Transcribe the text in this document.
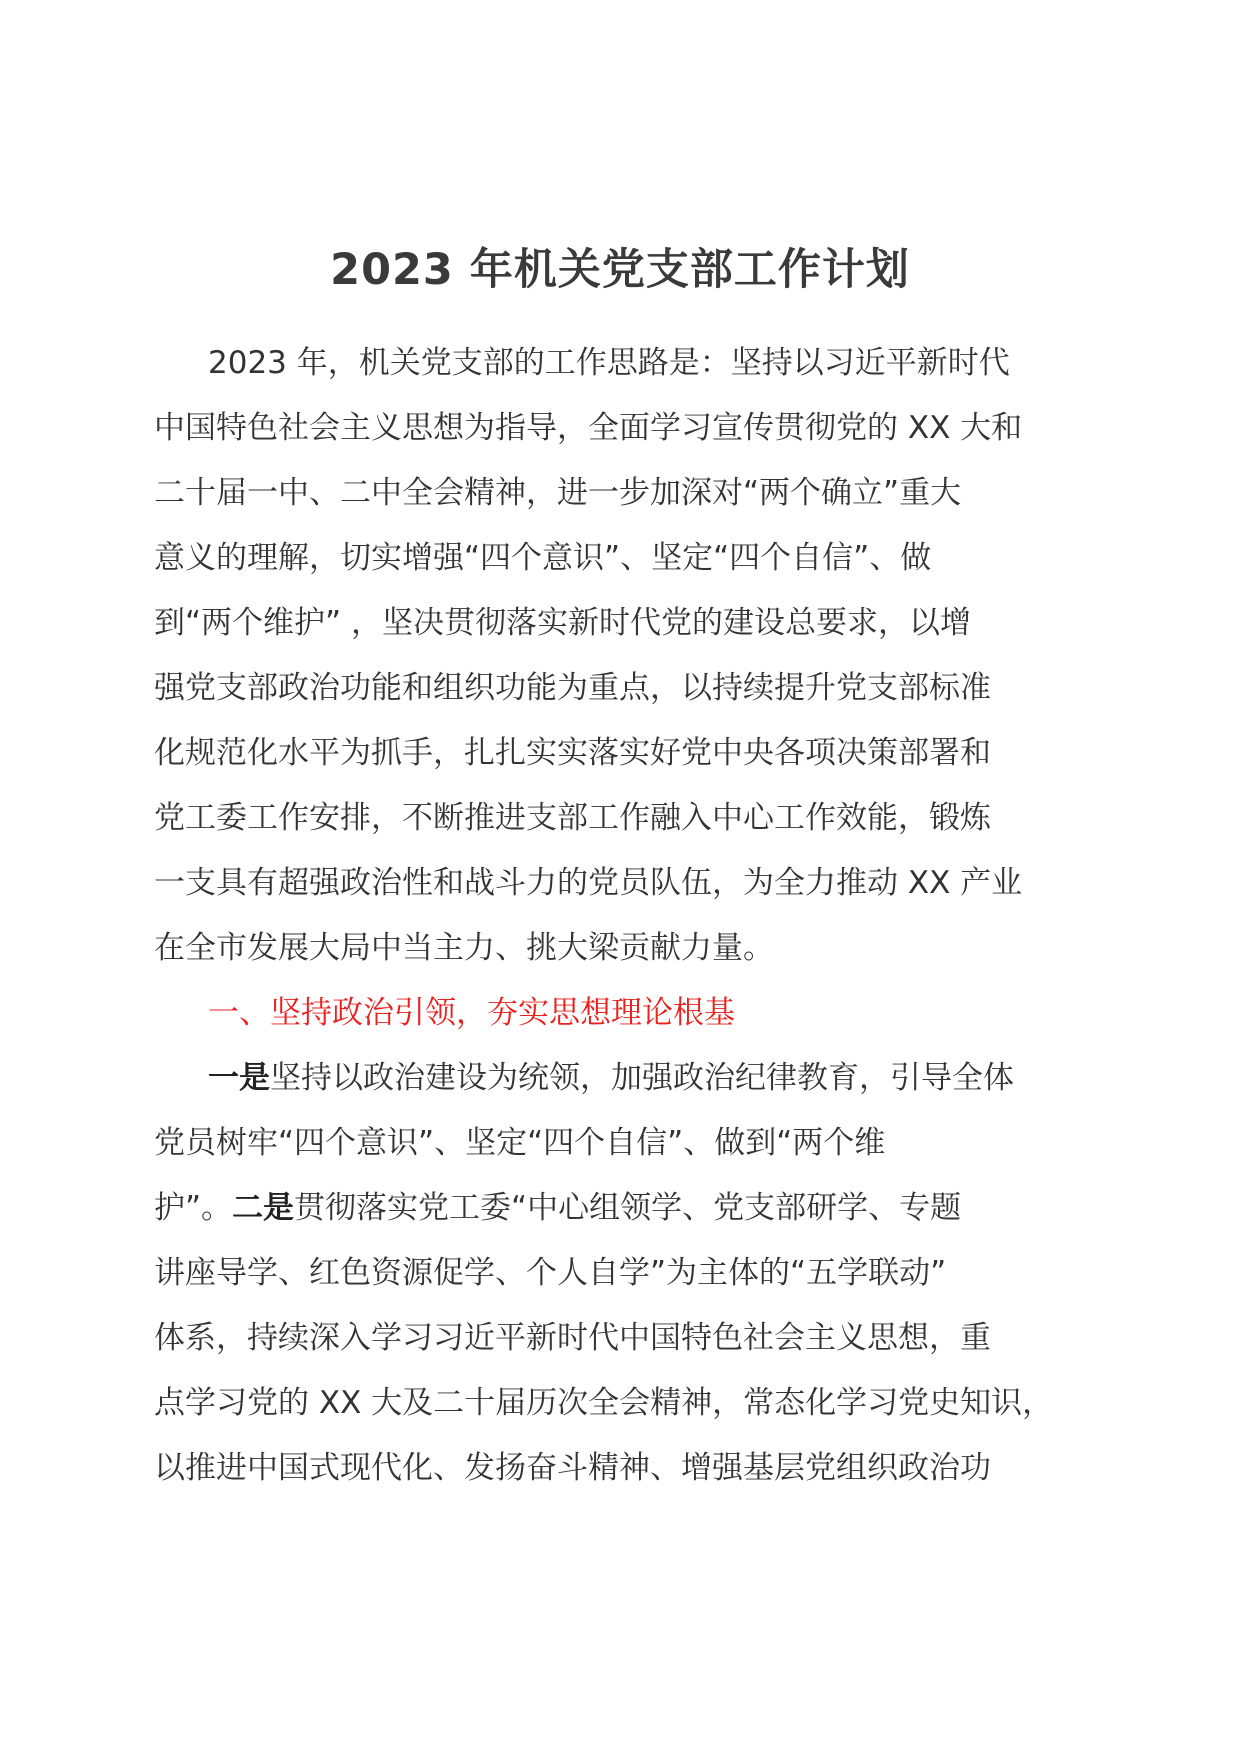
2023 年机关党支部工作计划

2023 年，机关党支部的工作思路是：坚持以习近平新时代
中国特色社会主义思想为指导，全面学习宣传贯彻党的 XX 大和
二十届一中、二中全会精神，进一步加深对“两个确立”重大
意义的理解，切实增强“四个意识”、坚定“四个自信”、做
到“两个维护” ，坚决贯彻落实新时代党的建设总要求，以增
强党支部政治功能和组织功能为重点，以持续提升党支部标准
化规范化水平为抓手，扎扎实实落实好党中央各项决策部署和
党工委工作安排，不断推进支部工作融入中心工作效能，锻炼
一支具有超强政治性和战斗力的党员队伍，为全力推动 XX 产业
在全市发展大局中当主力、挑大梁贡献力量。

一、坚持政治引领，夯实思想理论根基

一是坚持以政治建设为统领，加强政治纪律教育，引导全体
党员树牢“四个意识”、坚定“四个自信”、做到“两个维
护”。二是贯彻落实党工委“中心组领学、党支部研学、专题
讲座导学、红色资源促学、个人自学”为主体的“五学联动”
体系，持续深入学习习近平新时代中国特色社会主义思想，重
点学习党的 XX 大及二十届历次全会精神，常态化学习党史知识，
以推进中国式现代化、发扬奋斗精神、增强基层党组织政治功
